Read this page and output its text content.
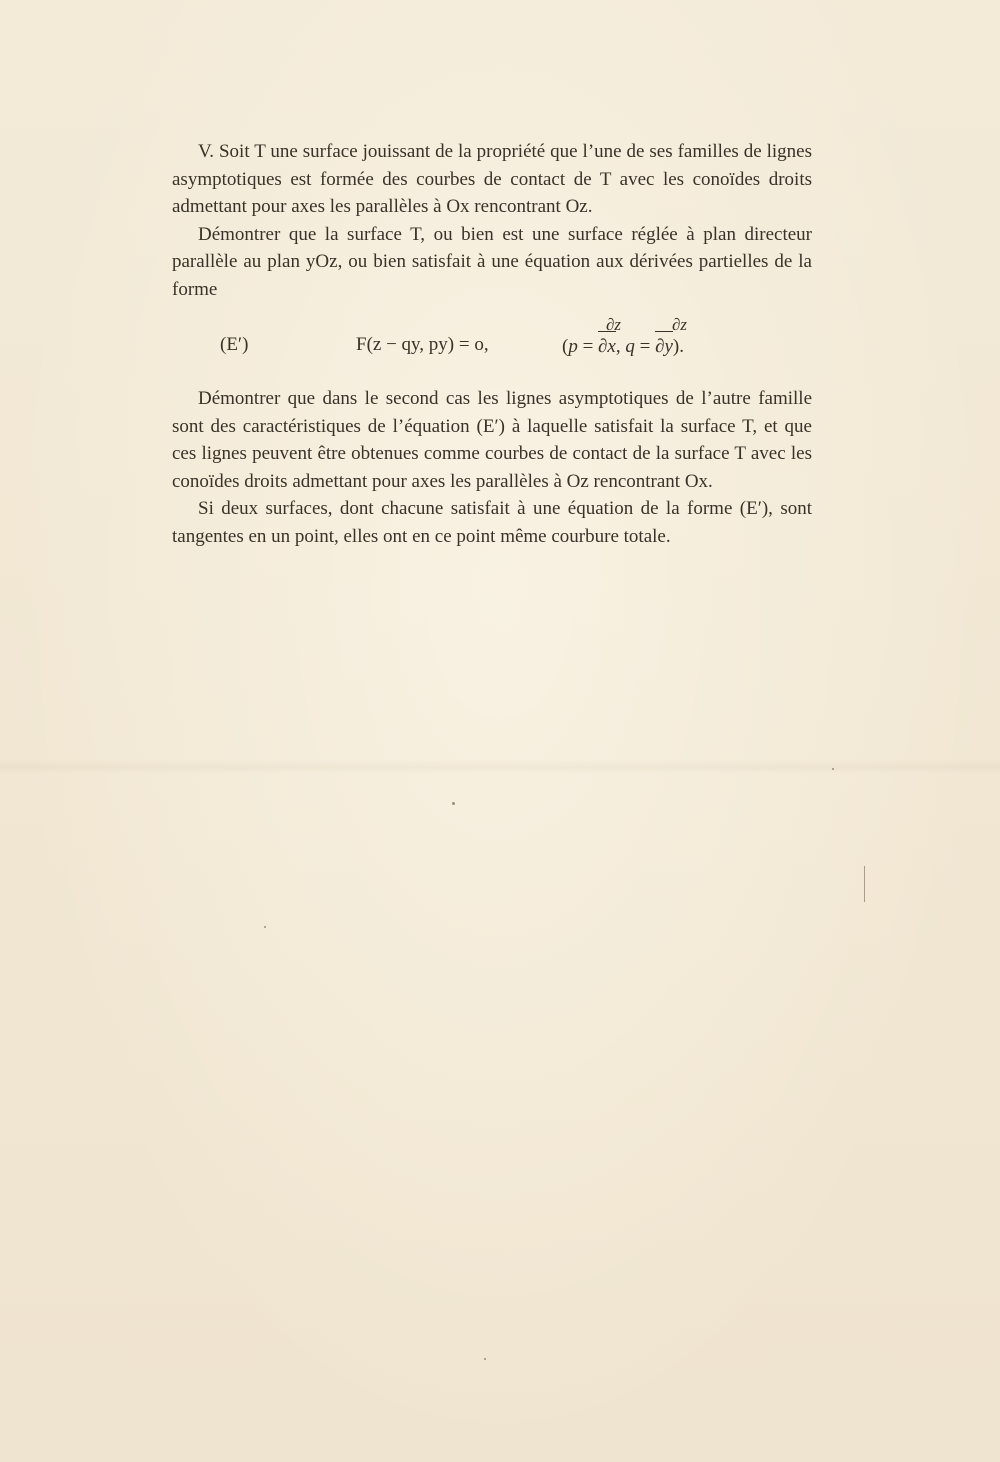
V. Soit T une surface jouissant de la propriété que l’une de ses familles de lignes asymptotiques est formée des courbes de contact de T avec les conoïdes droits admettant pour axes les parallèles à Ox rencontrant Oz.

Démontrer que la surface T, ou bien est une surface réglée à plan directeur parallèle au plan yOz, ou bien satisfait à une équation aux dérivées partielles de la forme

(E′)	F(z − qy, py) = o,
∂z	∂z
(p = ∂x, q = ∂y).

Démontrer que dans le second cas les lignes asymptotiques de l’autre famille sont des caractéristiques de l’équation (E′) à laquelle satisfait la surface T, et que ces lignes peuvent être obtenues comme courbes de contact de la surface T avec les conoïdes droits admettant pour axes les parallèles à Oz rencontrant Ox.

Si deux surfaces, dont chacune satisfait à une équation de la forme (E′), sont tangentes en un point, elles ont en ce point même courbure totale.
